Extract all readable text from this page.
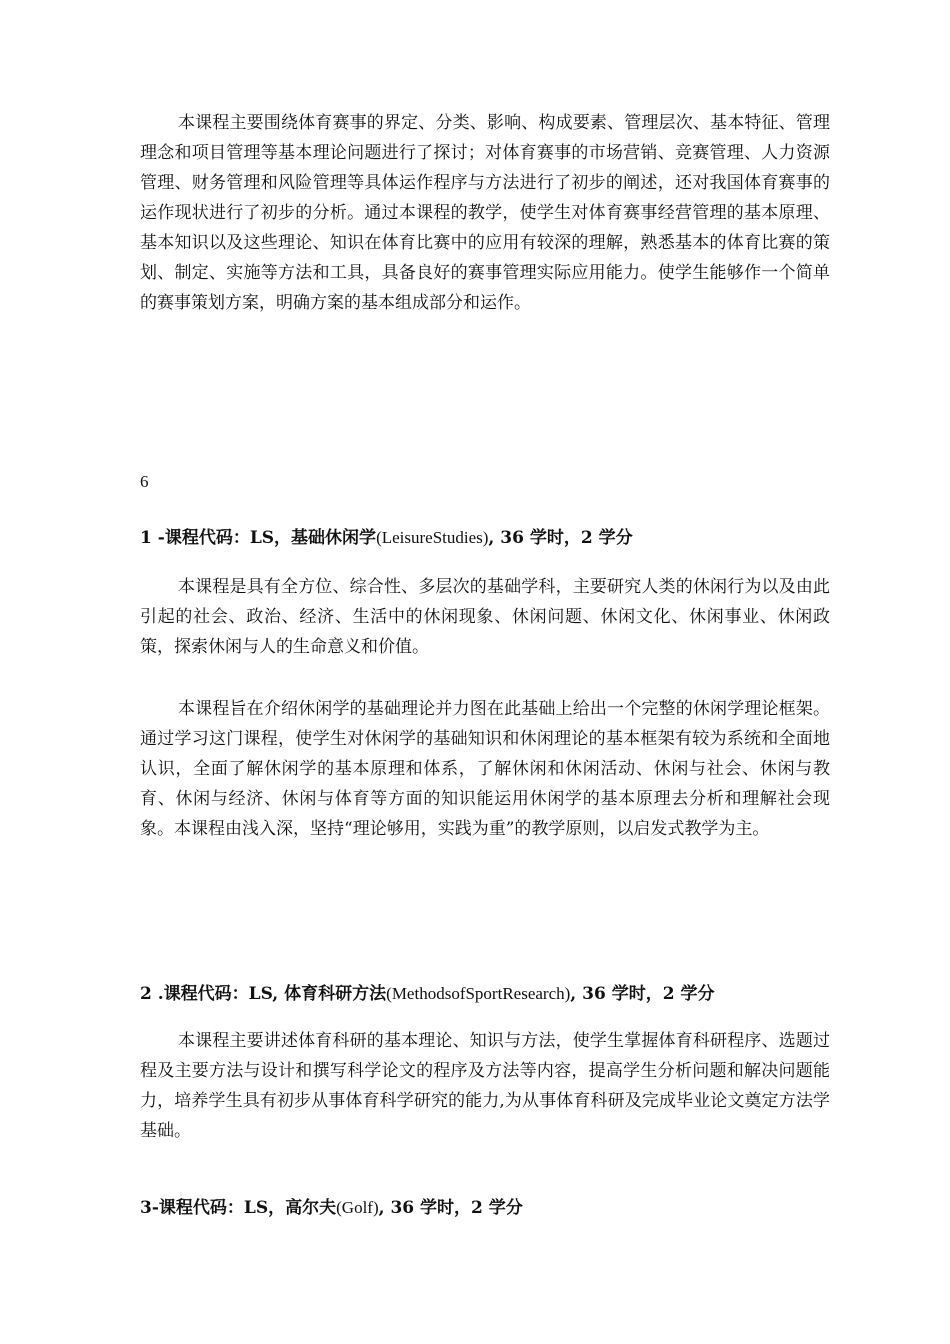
本课程主要围绕体育赛事的界定、分类、影响、构成要素、管理层次、基本特征、管理理念和项目管理等基本理论问题进行了探讨；对体育赛事的市场营销、竞赛管理、人力资源管理、财务管理和风险管理等具体运作程序与方法进行了初步的阐述，还对我国体育赛事的运作现状进行了初步的分析。通过本课程的教学，使学生对体育赛事经营管理的基本原理、基本知识以及这些理论、知识在体育比赛中的应用有较深的理解，熟悉基本的体育比赛的策划、制定、实施等方法和工具，具备良好的赛事管理实际应用能力。使学生能够作一个简单的赛事策划方案，明确方案的基本组成部分和运作。

6

1 -课程代码：LS，基础休闲学(LeisureStudies), 36 学时，2 学分

本课程是具有全方位、综合性、多层次的基础学科，主要研究人类的休闲行为以及由此引起的社会、政治、经济、生活中的休闲现象、休闲问题、休闲文化、休闲事业、休闲政策，探索休闲与人的生命意义和价值。

本课程旨在介绍休闲学的基础理论并力图在此基础上给出一个完整的休闲学理论框架。通过学习这门课程，使学生对休闲学的基础知识和休闲理论的基本框架有较为系统和全面地认识，全面了解休闲学的基本原理和体系，了解休闲和休闲活动、休闲与社会、休闲与教育、休闲与经济、休闲与体育等方面的知识能运用休闲学的基本原理去分析和理解社会现象。本课程由浅入深，坚持“理论够用，实践为重”的教学原则，以启发式教学为主。

2 .课程代码：LS, 体育科研方法(MethodsofSportResearch), 36 学时，2 学分

本课程主要讲述体育科研的基本理论、知识与方法，使学生掌握体育科研程序、选题过程及主要方法与设计和撰写科学论文的程序及方法等内容，提高学生分析问题和解决问题能力，培养学生具有初步从事体育科学研究的能力,为从事体育科研及完成毕业论文奠定方法学基础。

3-课程代码：LS，高尔夫(Golf), 36 学时，2 学分
